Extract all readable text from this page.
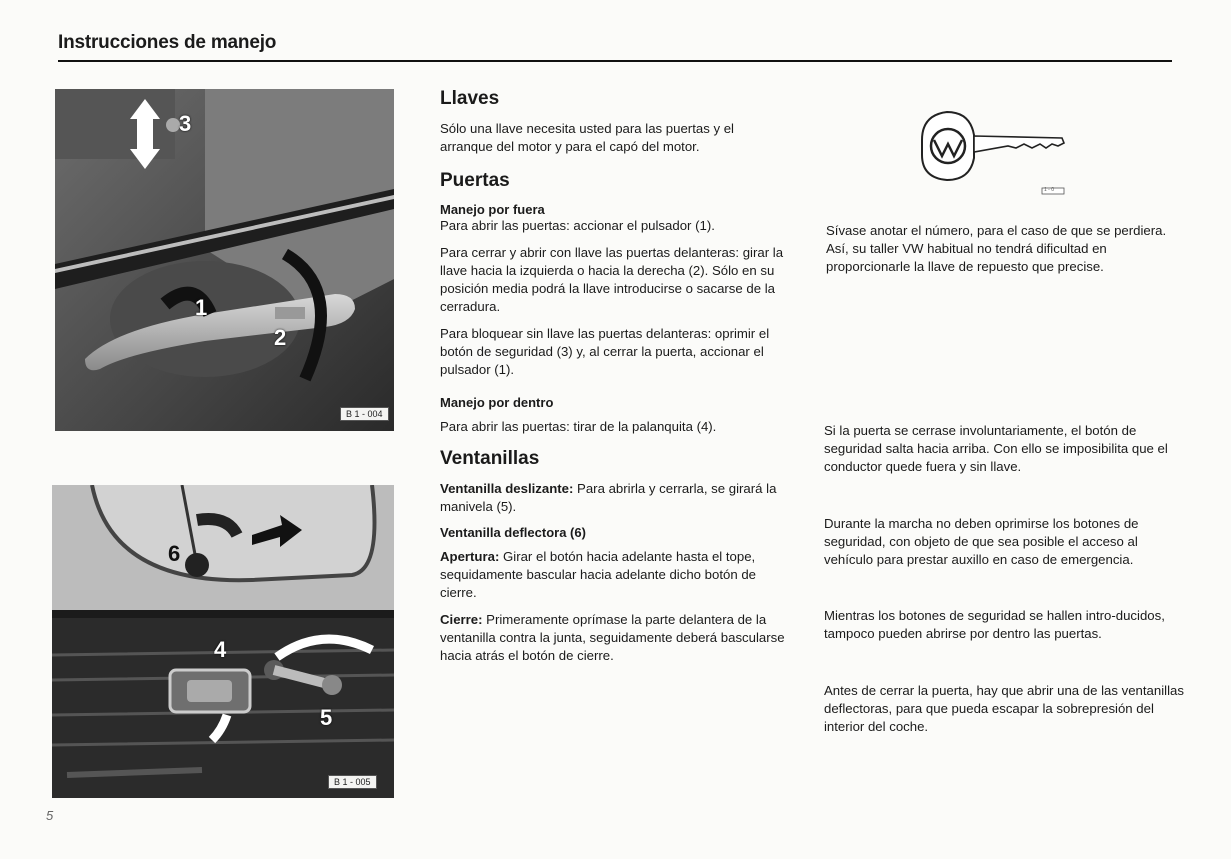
Instrucciones de manejo
3
1
2
B 1 - 004
6
4
5
B 1 - 005
1 - 0
Llaves
Sólo una llave necesita usted para las puertas y el arranque del motor y para el capó del motor.
Puertas
Manejo por fuera
Para abrir las puertas: accionar el pulsador (1).
Para cerrar y abrir con llave las puertas delanteras: girar la llave hacia la izquierda o hacia la derecha (2). Sólo en su posición media podrá la llave introducirse o sacarse de la cerradura.
Para bloquear sin llave las puertas delanteras: oprimir el botón de seguridad (3) y, al cerrar la puerta, accionar el pulsador (1).
Manejo por dentro
Para abrir las puertas: tirar de la palanquita (4).
Ventanillas
Ventanilla deslizante: Para abrirla y cerrarla, se girará la manivela (5).
Ventanilla deflectora (6)
Apertura: Girar el botón hacia adelante hasta el tope, sequidamente bascular hacia adelante dicho botón de cierre.
Cierre: Primeramente oprímase la parte delantera de la ventanilla contra la junta, seguidamente deberá bascularse hacia atrás el botón de cierre.
Sívase anotar el número, para el caso de que se perdiera. Así, su taller VW habitual no tendrá dificultad en proporcionarle la llave de repuesto que precise.
Si la puerta se cerrase involuntariamente, el botón de seguridad salta hacia arriba. Con ello se imposibilita que el conductor quede fuera y sin llave.
Durante la marcha no deben oprimirse los botones de seguridad, con objeto de que sea posible el acceso al vehículo para prestar auxillo en caso de emergencia.
Mientras los botones de seguridad se hallen intro-ducidos, tampoco pueden abrirse por dentro las puertas.
Antes de cerrar la puerta, hay que abrir una de las ventanillas deflectoras, para que pueda escapar la sobrepresión del interior del coche.
5
